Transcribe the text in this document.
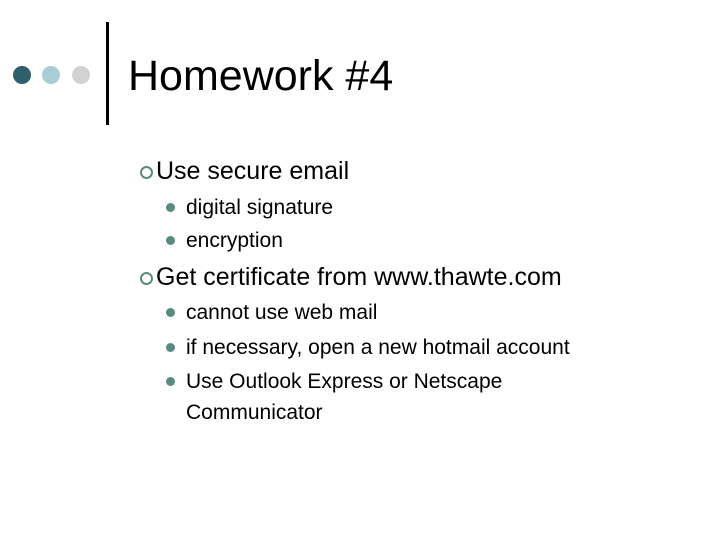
Homework #4
Use secure email
digital signature
encryption
Get certificate from www.thawte.com
cannot use web mail
if necessary, open a new hotmail account
Use Outlook Express or Netscape Communicator
